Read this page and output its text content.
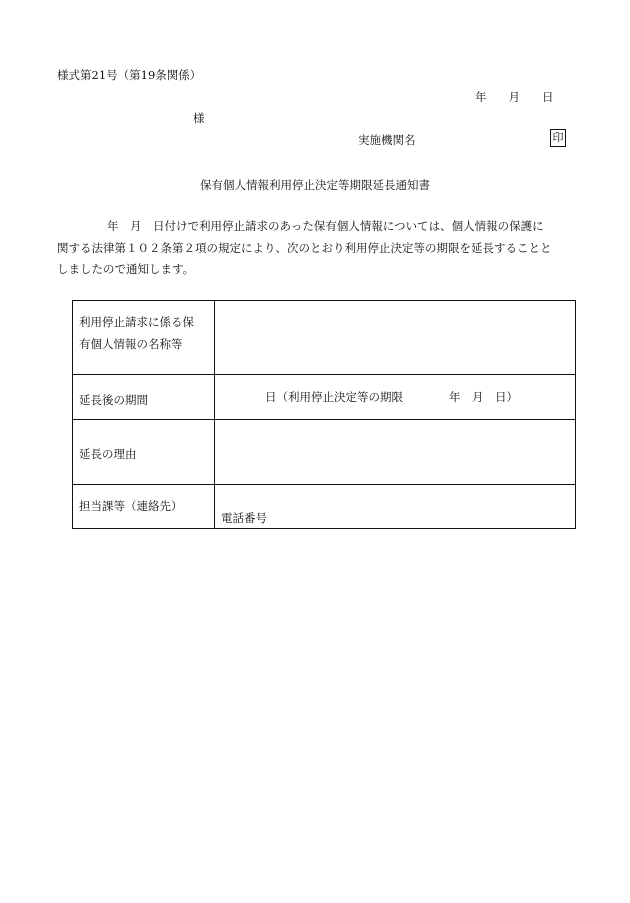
様式第21号（第19条関係）
年 月 日
様
実施機関名	印
保有個人情報利用停止決定等期限延長通知書
年　月　日付けで利用停止請求のあった保有個人情報については、個人情報の保護に
関する法律第１０２条第２項の規定により、次のとおり利用停止決定等の期限を延長することと
しましたので通知します。
利用停止請求に係る保
有個人情報の名称等	
延長後の期間	日（利用停止決定等の期限　　　　年　月　日）

延長の理由	
担当課等（連絡先）	電話番号
